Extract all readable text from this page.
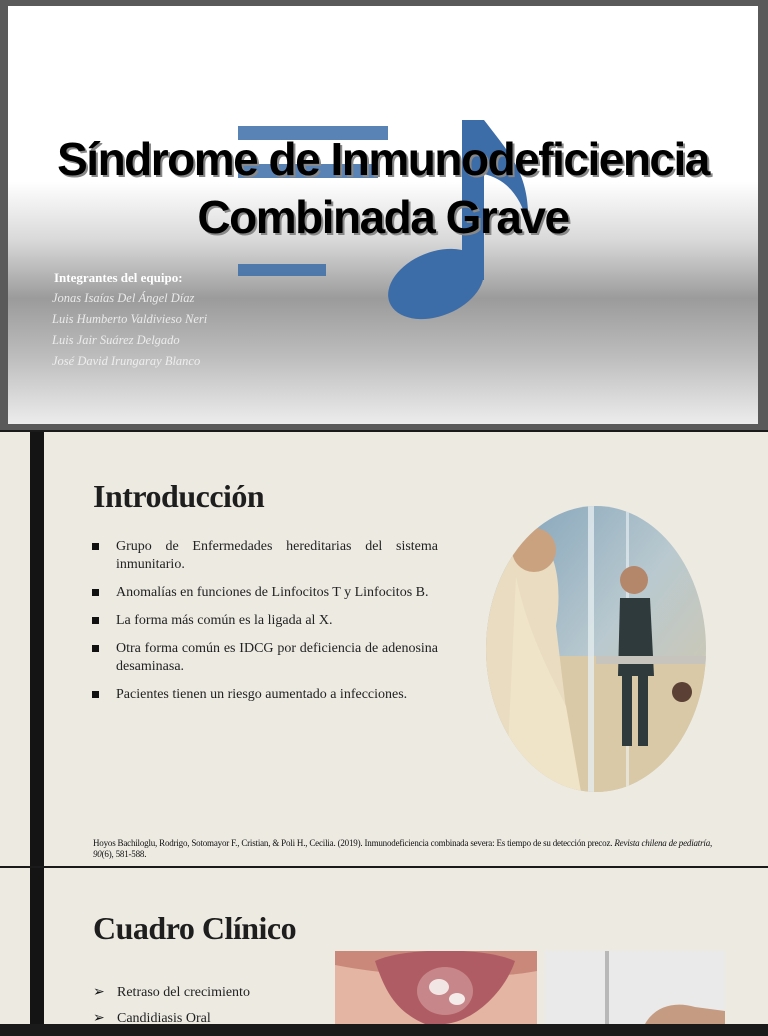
Síndrome de Inmunodeficiencia
Combinada Grave
Integrantes del equipo:
Jonas Isaías Del Ángel Díaz
Luis Humberto Valdivieso Neri
Luis Jair Suárez Delgado
José David Irungaray Blanco
Introducción
Grupo de Enfermedades hereditarias del sistema inmunitario.
Anomalías en funciones de Linfocitos T y Linfocitos B.
La forma más común es la ligada al X.
Otra forma común es IDCG por deficiencia de adenosina desaminasa.
Pacientes tienen un riesgo aumentado a infecciones.
Hoyos Bachiloglu, Rodrigo, Sotomayor F., Cristian, & Poli H., Cecilia. (2019). Inmunodeficiencia combinada severa: Es tiempo de su detección precoz. Revista chilena de pediatría, 90(6), 581-588.
Cuadro Clínico
➢ Retraso del crecimiento
➢ Candidiasis Oral
